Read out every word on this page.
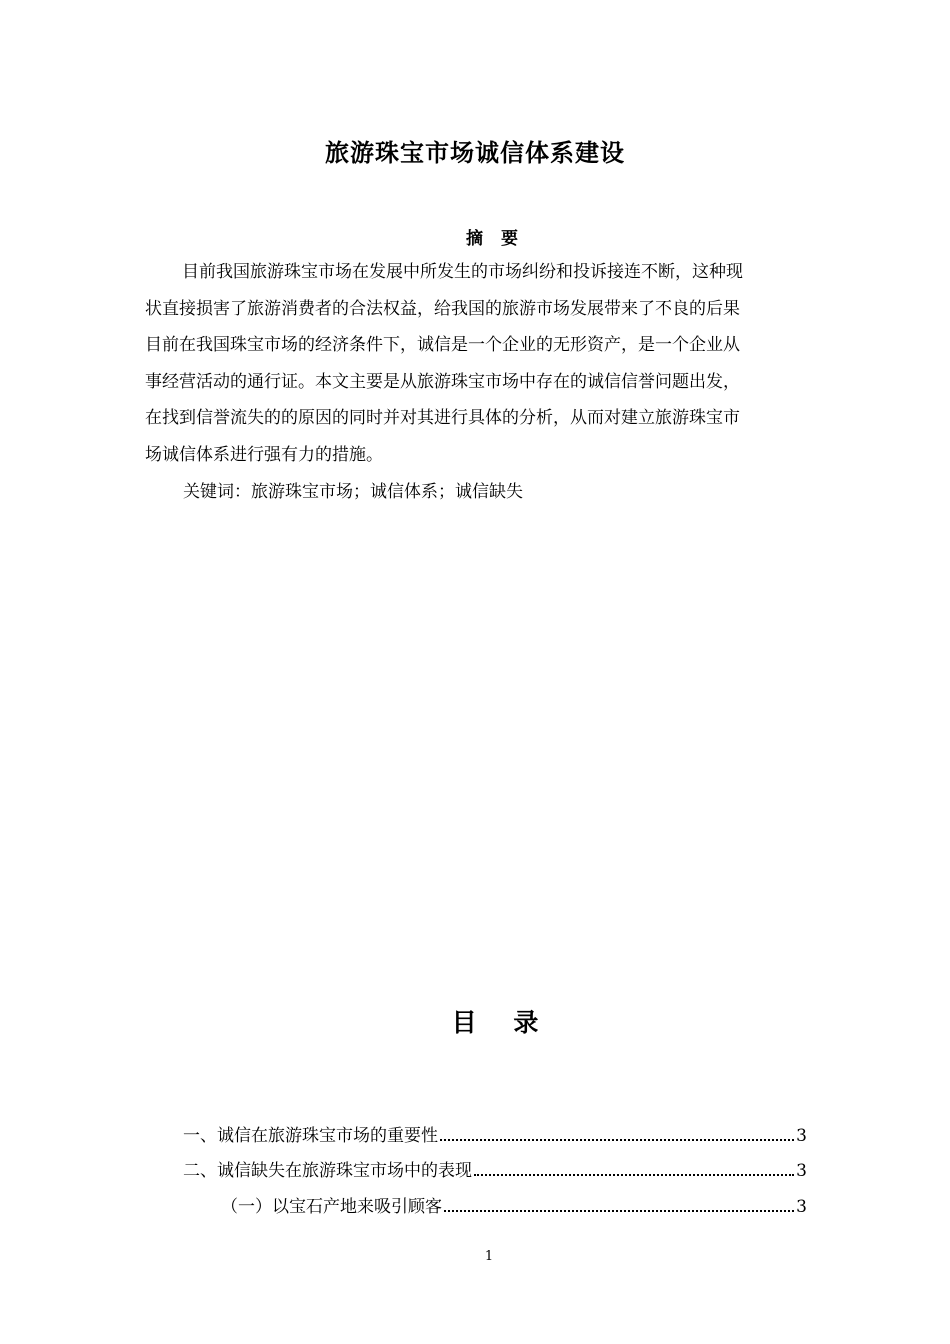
旅游珠宝市场诚信体系建设
摘 要
目前我国旅游珠宝市场在发展中所发生的市场纠纷和投诉接连不断，这种现
状直接损害了旅游消费者的合法权益，给我国的旅游市场发展带来了不良的后果
目前在我国珠宝市场的经济条件下，诚信是一个企业的无形资产，是一个企业从
事经营活动的通行证。本文主要是从旅游珠宝市场中存在的诚信信誉问题出发，
在找到信誉流失的的原因的同时并对其进行具体的分析，从而对建立旅游珠宝市
场诚信体系进行强有力的措施。
关键词：旅游珠宝市场；诚信体系；诚信缺失
目 录
一、诚信在旅游珠宝市场的重要性	3
二、诚信缺失在旅游珠宝市场中的表现	3
（一）以宝石产地来吸引顾客	3
1
